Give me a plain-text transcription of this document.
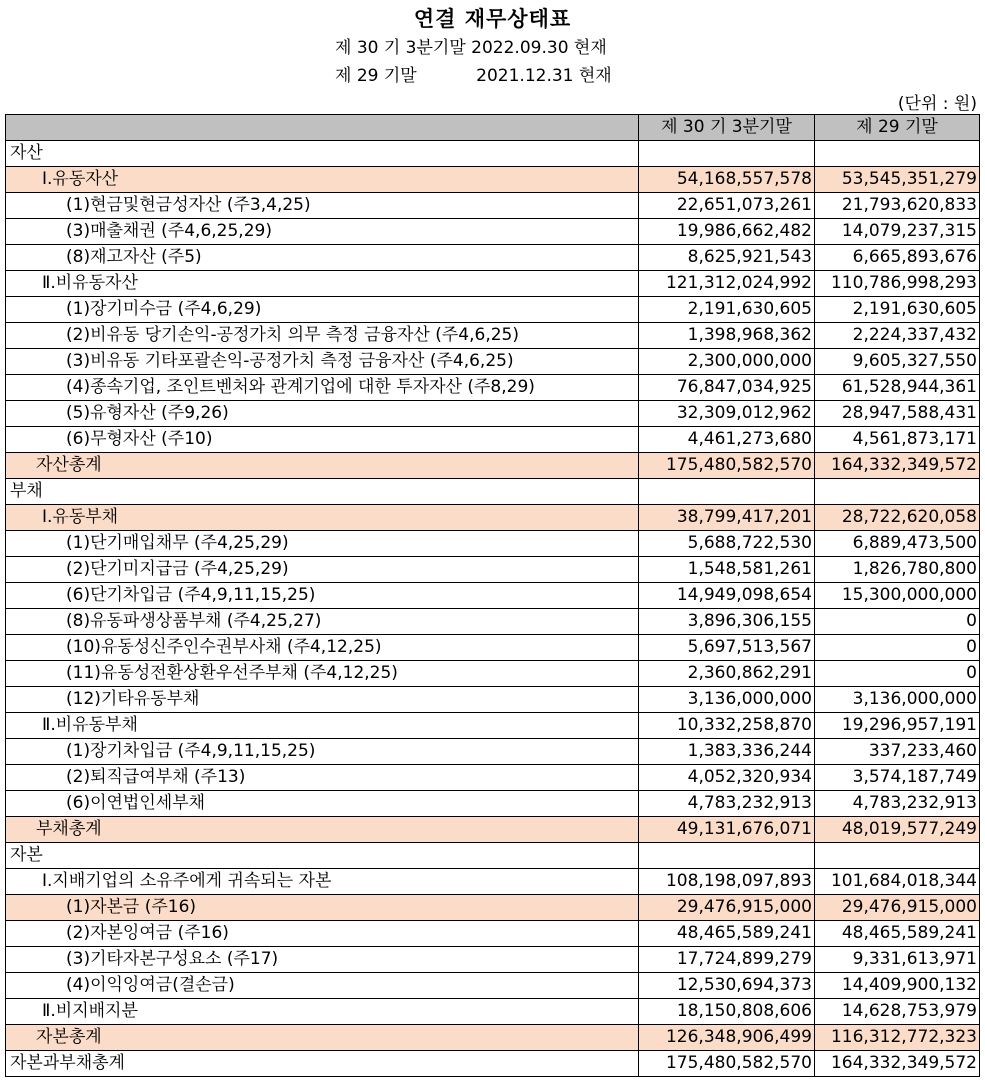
연결 재무상태표
제 30 기 3분기말 2022.09.30 현재
제 29 기말           2021.12.31 현재
(단위 : 원)
	제 30 기 3분기말	제 29 기말
자산		
Ⅰ.유동자산	54,168,557,578	53,545,351,279
(1)현금및현금성자산 (주3,4,25)	22,651,073,261	21,793,620,833
(3)매출채권 (주4,6,25,29)	19,986,662,482	14,079,237,315
(8)재고자산 (주5)	8,625,921,543	6,665,893,676
Ⅱ.비유동자산	121,312,024,992	110,786,998,293
(1)장기미수금 (주4,6,29)	2,191,630,605	2,191,630,605
(2)비유동 당기손익-공정가치 의무 측정 금융자산 (주4,6,25)	1,398,968,362	2,224,337,432
(3)비유동 기타포괄손익-공정가치 측정 금융자산 (주4,6,25)	2,300,000,000	9,605,327,550
(4)종속기업, 조인트벤처와 관계기업에 대한 투자자산 (주8,29)	76,847,034,925	61,528,944,361
(5)유형자산 (주9,26)	32,309,012,962	28,947,588,431
(6)무형자산 (주10)	4,461,273,680	4,561,873,171
자산총계	175,480,582,570	164,332,349,572
부채		
Ⅰ.유동부채	38,799,417,201	28,722,620,058
(1)단기매입채무 (주4,25,29)	5,688,722,530	6,889,473,500
(2)단기미지급금 (주4,25,29)	1,548,581,261	1,826,780,800
(6)단기차입금 (주4,9,11,15,25)	14,949,098,654	15,300,000,000
(8)유동파생상품부채 (주4,25,27)	3,896,306,155	0
(10)유동성신주인수권부사채 (주4,12,25)	5,697,513,567	0
(11)유동성전환상환우선주부채 (주4,12,25)	2,360,862,291	0
(12)기타유동부채	3,136,000,000	3,136,000,000
Ⅱ.비유동부채	10,332,258,870	19,296,957,191
(1)장기차입금 (주4,9,11,15,25)	1,383,336,244	337,233,460
(2)퇴직급여부채 (주13)	4,052,320,934	3,574,187,749
(6)이연법인세부채	4,783,232,913	4,783,232,913
부채총계	49,131,676,071	48,019,577,249
자본		
Ⅰ.지배기업의 소유주에게 귀속되는 자본	108,198,097,893	101,684,018,344
(1)자본금 (주16)	29,476,915,000	29,476,915,000
(2)자본잉여금 (주16)	48,465,589,241	48,465,589,241
(3)기타자본구성요소 (주17)	17,724,899,279	9,331,613,971
(4)이익잉여금(결손금)	12,530,694,373	14,409,900,132
Ⅱ.비지배지분	18,150,808,606	14,628,753,979
자본총계	126,348,906,499	116,312,772,323
자본과부채총계	175,480,582,570	164,332,349,572
